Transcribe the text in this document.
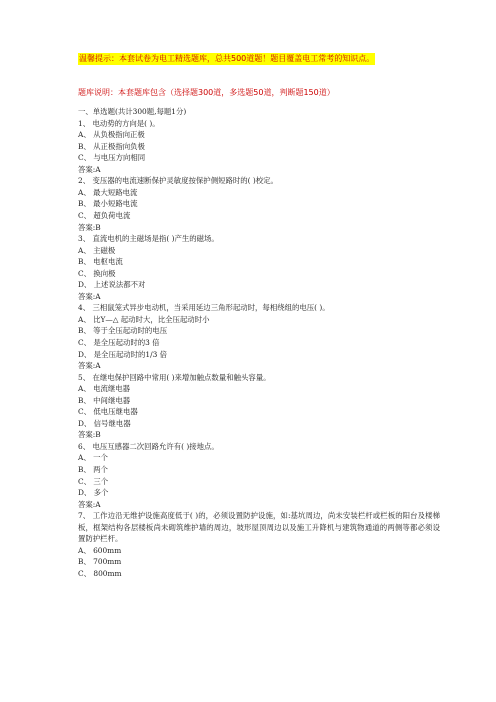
温馨提示：本套试卷为电工精选题库，总共500道题！题目覆盖电工常考的知识点。
题库说明：本套题库包含（选择题300道，多选题50道，判断题150道）
一、单选题(共计300题,每题1分)
1、 电动势的方向是( )。
A、 从负极指向正极
B、 从正极指向负极
C、 与电压方向相同
答案:A
2、 变压器的电流速断保护灵敏度按保护侧短路时的( )校定。
A、 最大短路电流
B、 最小短路电流
C、 超负荷电流
答案:B
3、 直流电机的主磁场是指( )产生的磁场。
A、 主磁极
B、 电枢电流
C、 换向极
D、 上述说法都不对
答案:A
4、 三相鼠笼式异步电动机，当采用延边三角形起动时，每相绕组的电压( )。
A、 比Y—△ 起动时大，比全压起动时小
B、 等于全压起动时的电压
C、 是全压起动时的3 倍
D、 是全压起动时的1/3 倍
答案:A
5、 在继电保护回路中常用( )来增加触点数量和触头容量。
A、 电流继电器
B、 中间继电器
C、 低电压继电器
D、 信号继电器
答案:B
6、 电压互感器二次回路允许有( )接地点。
A、 一个
B、 两个
C、 三个
D、 多个
答案:A
7、 工作边沿无维护设施高度低于( )的，必须设置防护设施，如:基坑周边，尚未安装栏杆或栏板的阳台及楼梯板，框架结构各层楼板尚未砌筑维护墙的周边，坡形屋顶周边以及施工升降机与建筑物通道的两侧等都必须设置防护栏杆。
A、 600mm
B、 700mm
C、 800mm
